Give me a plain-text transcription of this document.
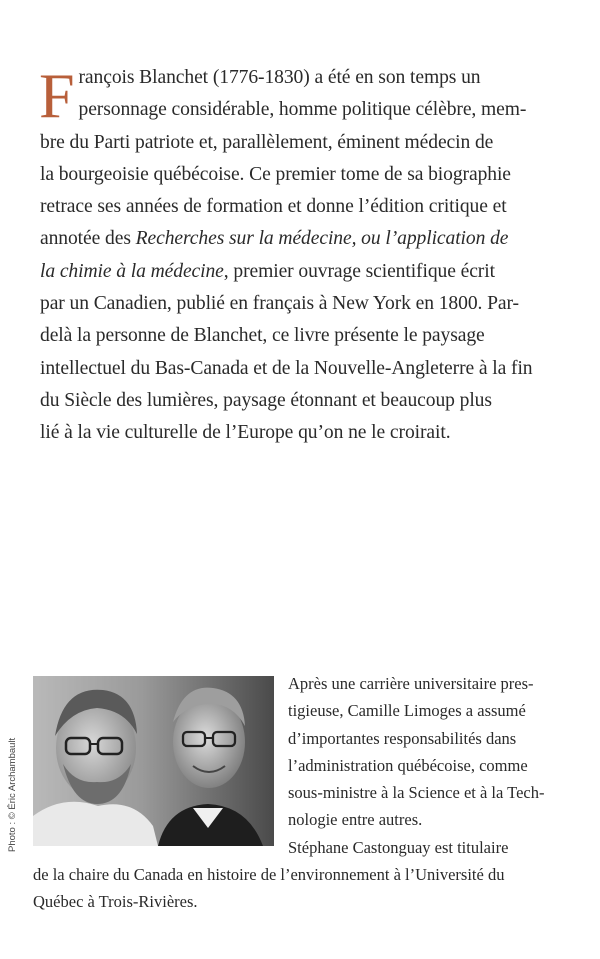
F rançois Blanchet (1776-1830) a été en son temps un
personnage considérable, homme politique célèbre, mem-
bre du Parti patriote et, parallèlement, éminent médecin de
la bourgeoisie québécoise. Ce premier tome de sa biographie
retrace ses années de formation et donne l’édition critique et
annotée des Recherches sur la médecine, ou l’application de
la chimie à la médecine, premier ouvrage scientifique écrit
par un Canadien, publié en français à New York en 1800. Par-
delà la personne de Blanchet, ce livre présente le paysage
intellectuel du Bas-Canada et de la Nouvelle-Angleterre à la fin
du Siècle des lumières, paysage étonnant et beaucoup plus
lié à la vie culturelle de l’Europe qu’on ne le croirait.
Photo : © Éric Archambault
Après une carrière universitaire pres-
tigieuse, Camille Limoges a assumé
d’importantes responsabilités dans
l’administration québécoise, comme
sous-ministre à la Science et à la Tech-
nologie entre autres.
Stéphane Castonguay est titulaire
de la chaire du Canada en histoire de l’environnement à l’Université du
Québec à Trois-Rivières.
